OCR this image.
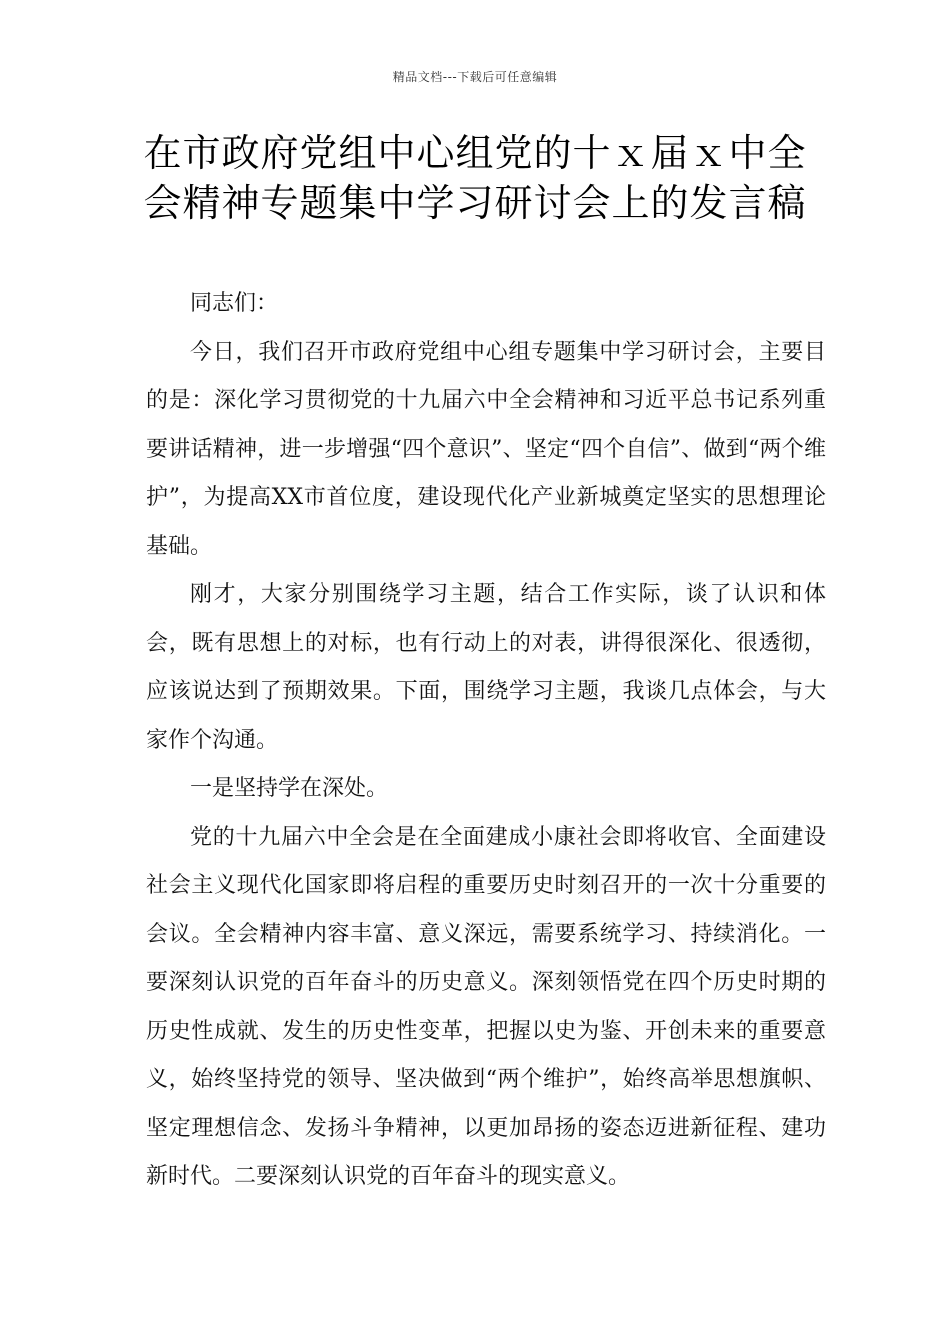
精品文档---下载后可任意编辑
在市政府党组中心组党的十ｘ届ｘ中全
会精神专题集中学习研讨会上的发言稿

同志们：

今日，我们召开市政府党组中心组专题集中学习研讨会，主要目的是：深化学习贯彻党的十九届六中全会精神和习近平总书记系列重要讲话精神，进一步增强“四个意识”、坚定“四个自信”、做到“两个维护”，为提高XX市首位度，建设现代化产业新城奠定坚实的思想理论基础。

刚才，大家分别围绕学习主题，结合工作实际，谈了认识和体会，既有思想上的对标，也有行动上的对表，讲得很深化、很透彻，应该说达到了预期效果。下面，围绕学习主题，我谈几点体会，与大家作个沟通。

一是坚持学在深处。

党的十九届六中全会是在全面建成小康社会即将收官、全面建设社会主义现代化国家即将启程的重要历史时刻召开的一次十分重要的会议。全会精神内容丰富、意义深远，需要系统学习、持续消化。一要深刻认识党的百年奋斗的历史意义。深刻领悟党在四个历史时期的历史性成就、发生的历史性变革，把握以史为鉴、开创未来的重要意义，始终坚持党的领导、坚决做到“两个维护”，始终高举思想旗帜、坚定理想信念、发扬斗争精神，以更加昂扬的姿态迈进新征程、建功新时代。二要深刻认识党的百年奋斗的现实意义。
